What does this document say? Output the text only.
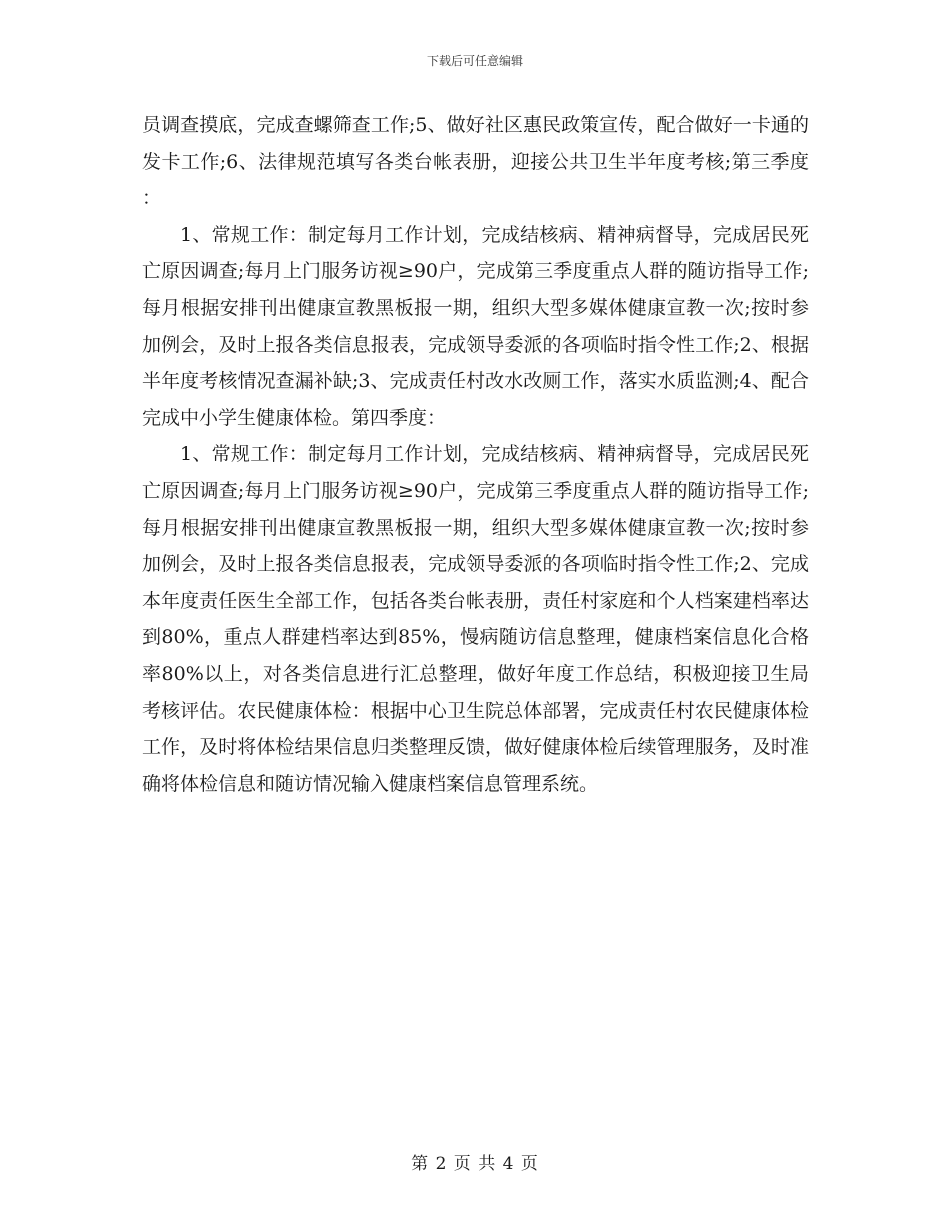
下载后可任意编辑

员调查摸底，完成查螺筛查工作;5、做好社区惠民政策宣传，配合做好一卡通的发卡工作;6、法律规范填写各类台帐表册，迎接公共卫生半年度考核;第三季度：

1、常规工作：制定每月工作计划，完成结核病、精神病督导，完成居民死亡原因调查;每月上门服务访视≥90户，完成第三季度重点人群的随访指导工作;每月根据安排刊出健康宣教黑板报一期，组织大型多媒体健康宣教一次;按时参加例会，及时上报各类信息报表，完成领导委派的各项临时指令性工作;2、根据半年度考核情况查漏补缺;3、完成责任村改水改厕工作，落实水质监测;4、配合完成中小学生健康体检。第四季度：

1、常规工作：制定每月工作计划，完成结核病、精神病督导，完成居民死亡原因调查;每月上门服务访视≥90户，完成第三季度重点人群的随访指导工作;每月根据安排刊出健康宣教黑板报一期，组织大型多媒体健康宣教一次;按时参加例会，及时上报各类信息报表，完成领导委派的各项临时指令性工作;2、完成本年度责任医生全部工作，包括各类台帐表册，责任村家庭和个人档案建档率达到80%，重点人群建档率达到85%，慢病随访信息整理，健康档案信息化合格率80%以上，对各类信息进行汇总整理，做好年度工作总结，积极迎接卫生局考核评估。农民健康体检：根据中心卫生院总体部署，完成责任村农民健康体检工作，及时将体检结果信息归类整理反馈，做好健康体检后续管理服务，及时准确将体检信息和随访情况输入健康档案信息管理系统。

第 2 页 共 4 页
